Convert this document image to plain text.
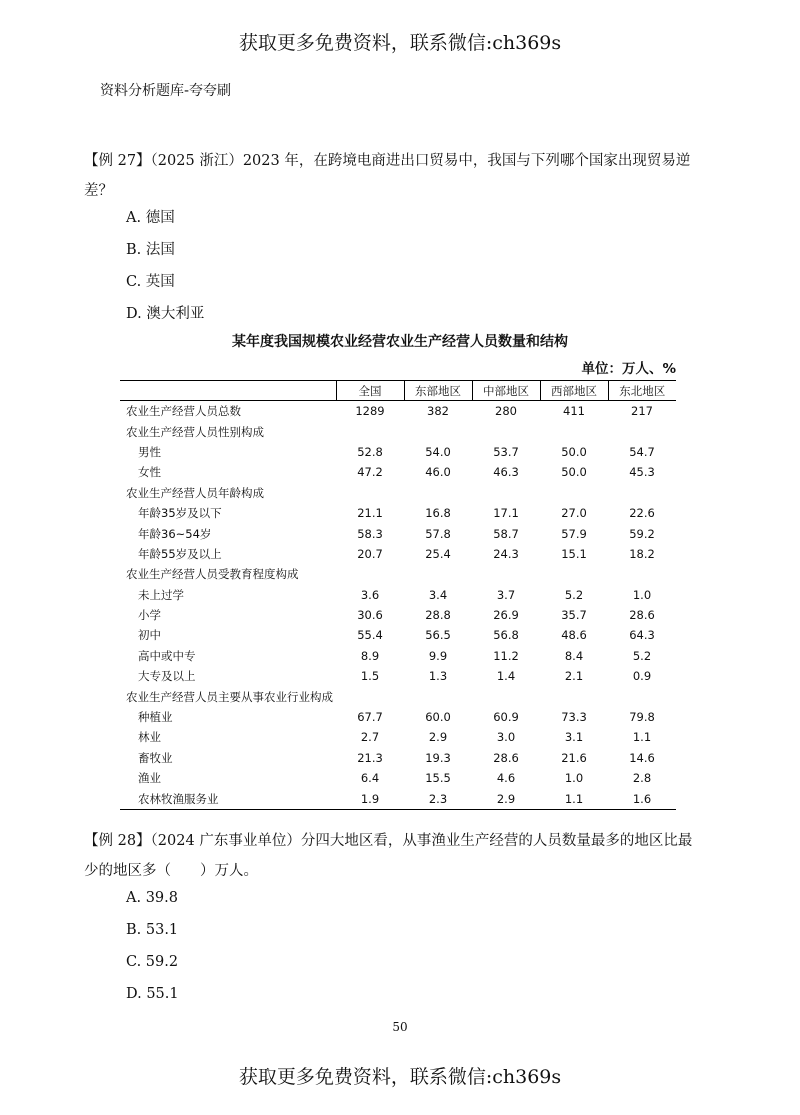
获取更多免费资料，联系微信:ch369s
资料分析题库-夸夸刷
【例 27】（2025 浙江）2023 年，在跨境电商进出口贸易中，我国与下列哪个国家出现贸易逆差？
A. 德国
B. 法国
C. 英国
D. 澳大利亚
某年度我国规模农业经营农业生产经营人员数量和结构
单位：万人、%
	全国	东部地区	中部地区	西部地区	东北地区
农业生产经营人员总数	1289	382	280	411	217
农业生产经营人员性别构成					
男性	52.8	54.0	53.7	50.0	54.7
女性	47.2	46.0	46.3	50.0	45.3
农业生产经营人员年龄构成					
年龄35岁及以下	21.1	16.8	17.1	27.0	22.6
年龄36~54岁	58.3	57.8	58.7	57.9	59.2
年龄55岁及以上	20.7	25.4	24.3	15.1	18.2
农业生产经营人员受教育程度构成					
未上过学	3.6	3.4	3.7	5.2	1.0
小学	30.6	28.8	26.9	35.7	28.6
初中	55.4	56.5	56.8	48.6	64.3
高中或中专	8.9	9.9	11.2	8.4	5.2
大专及以上	1.5	1.3	1.4	2.1	0.9
农业生产经营人员主要从事农业行业构成					
种植业	67.7	60.0	60.9	73.3	79.8
林业	2.7	2.9	3.0	3.1	1.1
畜牧业	21.3	19.3	28.6	21.6	14.6
渔业	6.4	15.5	4.6	1.0	2.8
农林牧渔服务业	1.9	2.3	2.9	1.1	1.6
【例 28】（2024 广东事业单位）分四大地区看，从事渔业生产经营的人员数量最多的地区比最少的地区多（　　）万人。
A. 39.8
B. 53.1
C. 59.2
D. 55.1
50
获取更多免费资料，联系微信:ch369s
